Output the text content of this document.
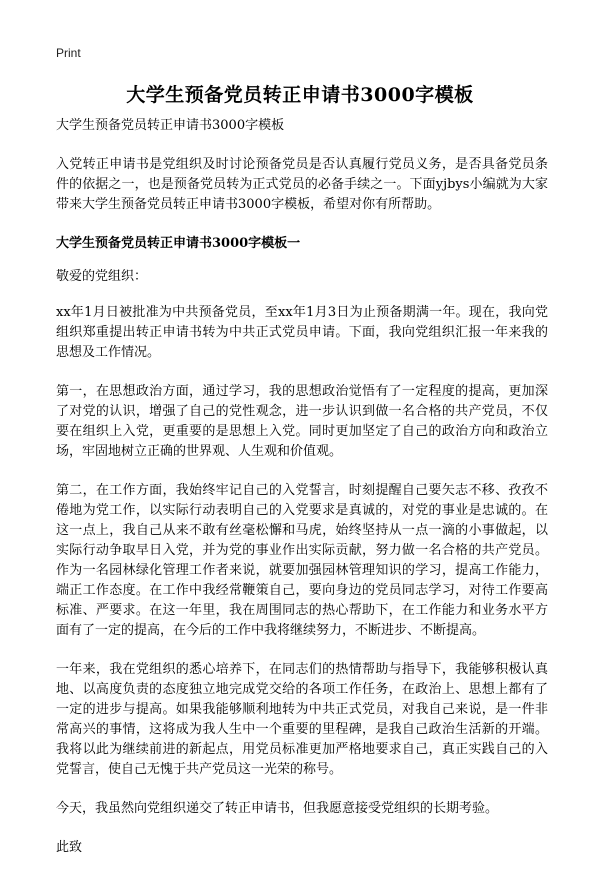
Print
大学生预备党员转正申请书3000字模板

大学生预备党员转正申请书3000字模板

入党转正申请书是党组织及时讨论预备党员是否认真履行党员义务，是否具备党员条件的依据之一，也是预备党员转为正式党员的必备手续之一。下面yjbys小编就为大家带来大学生预备党员转正申请书3000字模板，希望对你有所帮助。

大学生预备党员转正申请书3000字模板一

敬爱的党组织：

xx年1月日被批准为中共预备党员，至xx年1月3日为止预备期满一年。现在，我向党组织郑重提出转正申请书转为中共正式党员申请。下面，我向党组织汇报一年来我的思想及工作情况。

第一，在思想政治方面，通过学习，我的思想政治觉悟有了一定程度的提高，更加深了对党的认识，增强了自己的党性观念，进一步认识到做一名合格的共产党员，不仅要在组织上入党，更重要的是思想上入党。同时更加坚定了自己的政治方向和政治立场，牢固地树立正确的世界观、人生观和价值观。

第二，在工作方面，我始终牢记自己的入党誓言，时刻提醒自己要矢志不移、孜孜不倦地为党工作，以实际行动表明自己的入党要求是真诚的，对党的事业是忠诚的。在这一点上，我自己从来不敢有丝毫松懈和马虎，始终坚持从一点一滴的小事做起，以实际行动争取早日入党，并为党的事业作出实际贡献，努力做一名合格的共产党员。作为一名园林绿化管理工作者来说，就要加强园林管理知识的学习，提高工作能力，端正工作态度。在工作中我经常鞭策自己，要向身边的党员同志学习，对待工作要高标准、严要求。在这一年里，我在周围同志的热心帮助下，在工作能力和业务水平方面有了一定的提高，在今后的工作中我将继续努力，不断进步、不断提高。

一年来，我在党组织的悉心培养下，在同志们的热情帮助与指导下，我能够积极认真地、以高度负责的态度独立地完成党交给的各项工作任务，在政治上、思想上都有了一定的进步与提高。如果我能够顺利地转为中共正式党员，对我自己来说，是一件非常高兴的事情，这将成为我人生中一个重要的里程碑，是我自己政治生活新的开端。我将以此为继续前进的新起点，用党员标准更加严格地要求自己，真正实践自己的入党誓言，使自己无愧于共产党员这一光荣的称号。

今天，我虽然向党组织递交了转正申请书，但我愿意接受党组织的长期考验。

此致
